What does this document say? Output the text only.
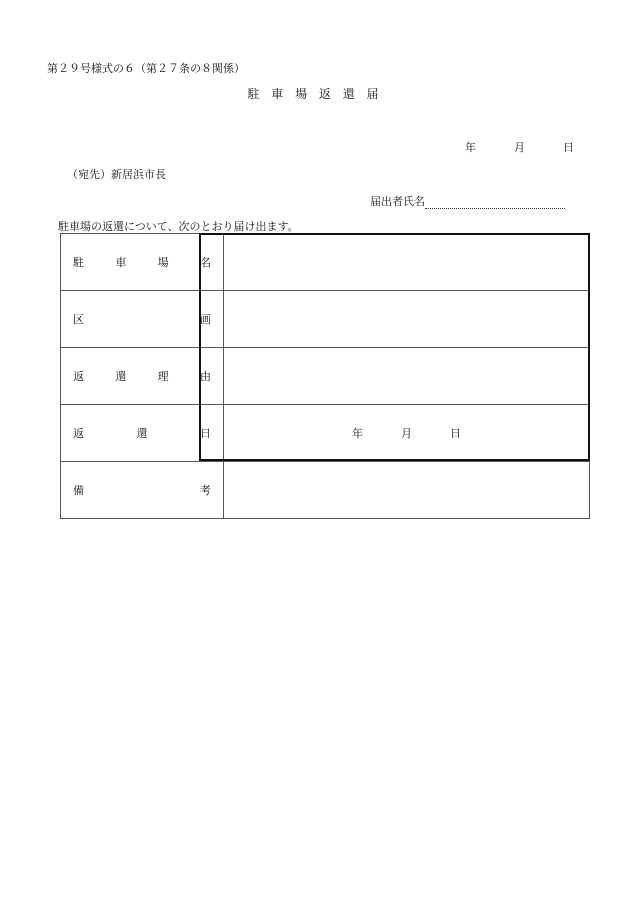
第２９号様式の６（第２７条の８関係）
駐 車 場 返 還 届
年	月	日
（宛先）新居浜市長
届出者氏名
駐車場の返還について、次のとおり届け出ます。
駐 車 場 名	

区 画	

返 還 理 由	

返 還 日	年 月 日

備 考	
